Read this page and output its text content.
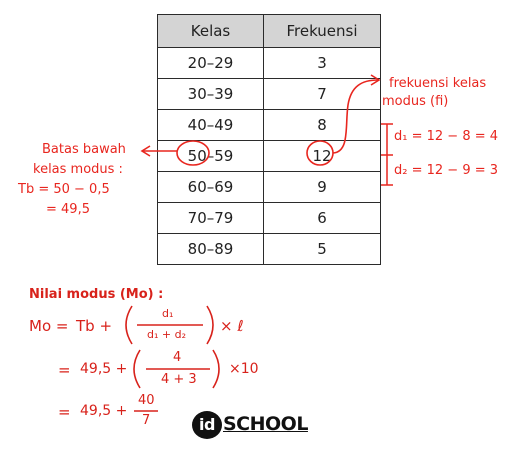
Kelas	Frekuensi
20–29	3
30–39	7
40–49	8
50–59	12
60–69	9
70–79	6
80–89	5
frekuensi kelas
modus (fi)
d₁ = 12 − 8 = 4
d₂ = 12 − 9 = 3
Batas bawah
kelas modus :
Tb = 50 − 0,5
= 49,5
Nilai modus (Mo) :
Mo = Tb +
d₁
d₁ + d₂ × ℓ
= 49,5 +
4
4 + 3
×10
= 49,5 +
40
7	id SCHOOL
